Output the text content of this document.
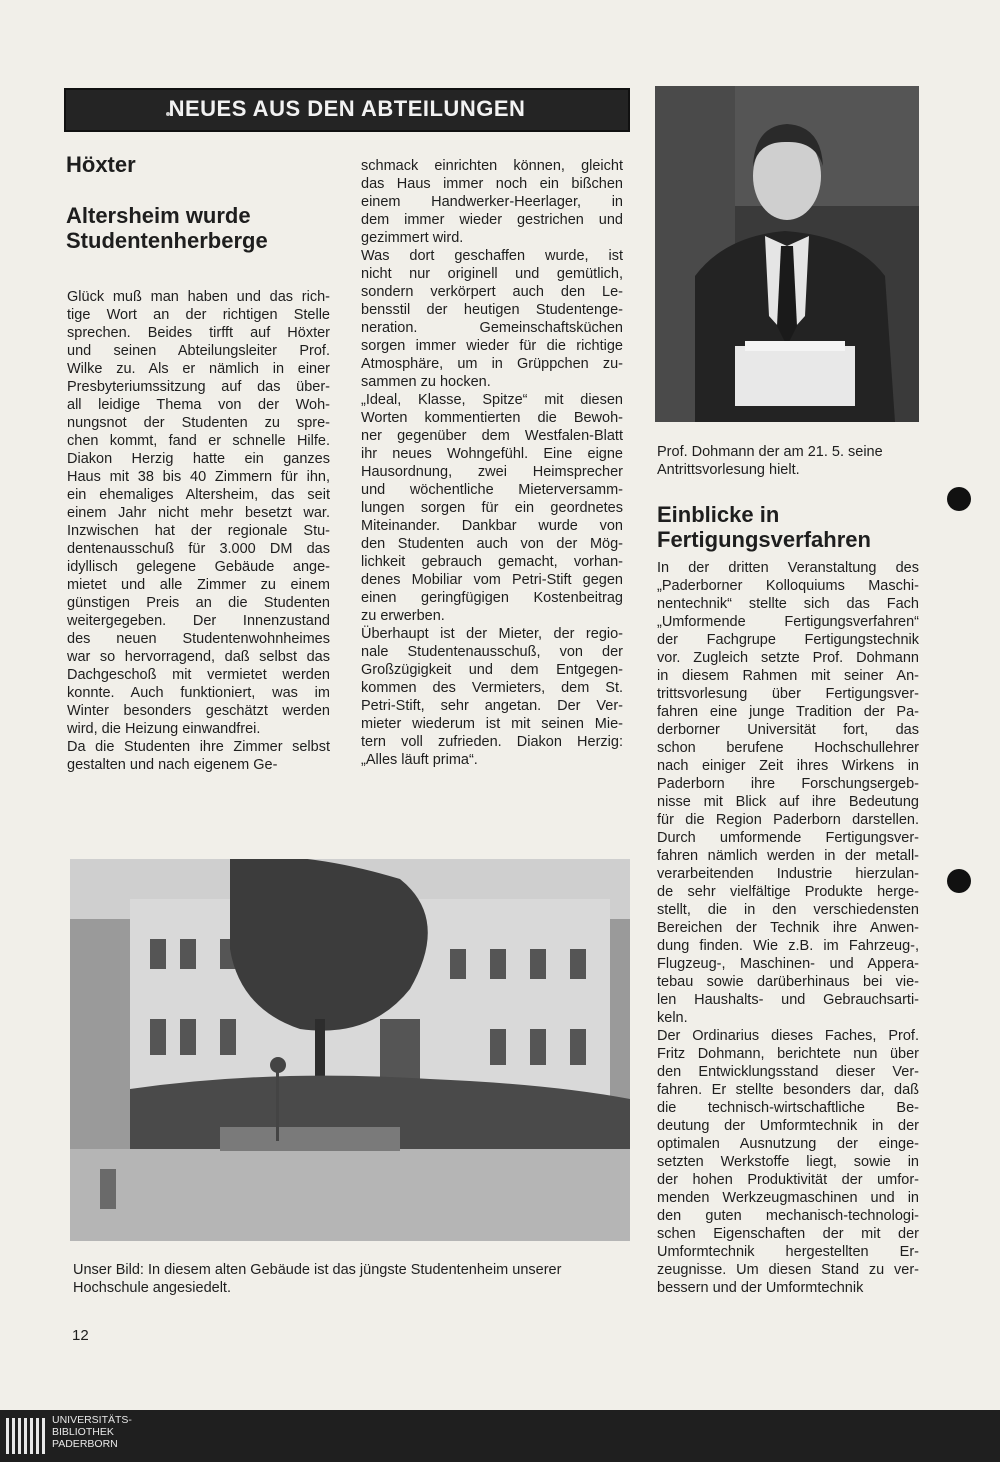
NEUES AUS DEN ABTEILUNGEN
Höxter
Altersheim wurde
Studentenherberge
Glück muß man haben und das rich-
tige Wort an der richtigen Stelle
sprechen. Beides tirfft auf Höxter
und seinen Abteilungsleiter Prof.
Wilke zu. Als er nämlich in einer
Presbyteriumssitzung auf das über-
all leidige Thema von der Woh-
nungsnot der Studenten zu spre-
chen kommt, fand er schnelle Hilfe.
Diakon Herzig hatte ein ganzes
Haus mit 38 bis 40 Zimmern für ihn,
ein ehemaliges Altersheim, das seit
einem Jahr nicht mehr besetzt war.
Inzwischen hat der regionale Stu-
dentenausschuß für 3.000 DM das
idyllisch gelegene Gebäude ange-
mietet und alle Zimmer zu einem
günstigen Preis an die Studenten
weitergegeben. Der Innenzustand
des neuen Studentenwohnheimes
war so hervorragend, daß selbst das
Dachgeschoß mit vermietet werden
konnte. Auch funktioniert, was im
Winter besonders geschätzt werden
wird, die Heizung einwandfrei.
Da die Studenten ihre Zimmer selbst
gestalten und nach eigenem Ge-
schmack einrichten können, gleicht
das Haus immer noch ein bißchen
einem Handwerker-Heerlager, in
dem immer wieder gestrichen und
gezimmert wird.
Was dort geschaffen wurde, ist
nicht nur originell und gemütlich,
sondern verkörpert auch den Le-
bensstil der heutigen Studentenge-
neration. Gemeinschaftsküchen
sorgen immer wieder für die richtige
Atmosphäre, um in Grüppchen zu-
sammen zu hocken.
„Ideal, Klasse, Spitze“ mit diesen
Worten kommentierten die Bewoh-
ner gegenüber dem Westfalen-Blatt
ihr neues Wohngefühl. Eine eigne
Hausordnung, zwei Heimsprecher
und wöchentliche Mieterversamm-
lungen sorgen für ein geordnetes
Miteinander. Dankbar wurde von
den Studenten auch von der Mög-
lichkeit gebrauch gemacht, vorhan-
denes Mobiliar vom Petri-Stift gegen
einen geringfügigen Kostenbeitrag
zu erwerben.
Überhaupt ist der Mieter, der regio-
nale Studentenausschuß, von der
Großzügigkeit und dem Entgegen-
kommen des Vermieters, dem St.
Petri-Stift, sehr angetan. Der Ver-
mieter wiederum ist mit seinen Mie-
tern voll zufrieden. Diakon Herzig:
„Alles läuft prima“.
Prof. Dohmann der am 21. 5. seine
Antrittsvorlesung hielt.
Einblicke in
Fertigungsverfahren
In der dritten Veranstaltung des
„Paderborner Kolloquiums Maschi-
nentechnik“ stellte sich das Fach
„Umformende Fertigungsverfahren“
der Fachgrupe Fertigungstechnik
vor. Zugleich setzte Prof. Dohmann
in diesem Rahmen mit seiner An-
trittsvorlesung über Fertigungsver-
fahren eine junge Tradition der Pa-
derborner Universität fort, das
schon berufene Hochschullehrer
nach einiger Zeit ihres Wirkens in
Paderborn ihre Forschungsergeb-
nisse mit Blick auf ihre Bedeutung
für die Region Paderborn darstellen.
Durch umformende Fertigungsver-
fahren nämlich werden in der metall-
verarbeitenden Industrie hierzulan-
de sehr vielfältige Produkte herge-
stellt, die in den verschiedensten
Bereichen der Technik ihre Anwen-
dung finden. Wie z.B. im Fahrzeug-,
Flugzeug-, Maschinen- und Appera-
tebau sowie darüberhinaus bei vie-
len Haushalts- und Gebrauchsarti-
keln.
Der Ordinarius dieses Faches, Prof.
Fritz Dohmann, berichtete nun über
den Entwicklungsstand dieser Ver-
fahren. Er stellte besonders dar, daß
die technisch-wirtschaftliche Be-
deutung der Umformtechnik in der
optimalen Ausnutzung der einge-
setzten Werkstoffe liegt, sowie in
der hohen Produktivität der umfor-
menden Werkzeugmaschinen und in
den guten mechanisch-technologi-
schen Eigenschaften der mit der
Umformtechnik hergestellten Er-
zeugnisse. Um diesen Stand zu ver-
bessern und der Umformtechnik
Unser Bild: In diesem alten Gebäude ist das jüngste Studentenheim unserer
Hochschule angesiedelt.
12
UNIVERSITÄTS-
BIBLIOTHEK
PADERBORN
